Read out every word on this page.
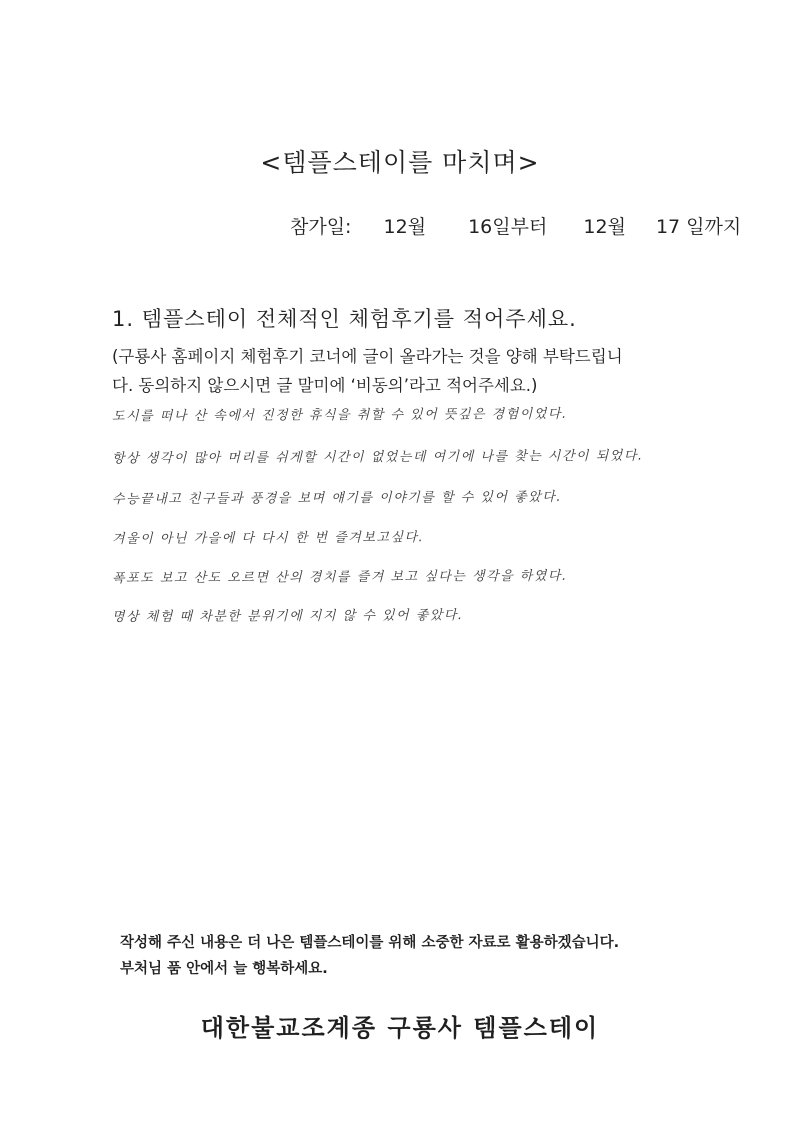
<템플스테이를 마치며>
참가일: 12월 16일부터 12월 17 일까지
1. 템플스테이 전체적인 체험후기를 적어주세요.
(구룡사 홈페이지 체험후기 코너에 글이 올라가는 것을 양해 부탁드립니
다. 동의하지 않으시면 글 말미에 ‘비동의’라고 적어주세요.)
도시를 떠나 산 속에서 진정한 휴식을 취할 수 있어 뜻깊은 경험이었다.
항상 생각이 많아 머리를 쉬게할 시간이 없었는데 여기에 나를 찾는 시간이 되었다.
수능끝내고 친구들과 풍경을 보며 얘기를 이야기를 할 수 있어 좋았다.
겨울이 아닌 가을에 다 다시 한 번 즐겨보고싶다.
폭포도 보고 산도 오르면 산의 경치를 즐겨 보고 싶다는 생각을 하였다.
명상 체험 때 차분한 분위기에 지지 않 수 있어 좋았다.
작성해 주신 내용은 더 나은 템플스테이를 위해 소중한 자료로 활용하겠습니다.
부처님 품 안에서 늘 행복하세요.
대한불교조계종 구룡사 템플스테이
